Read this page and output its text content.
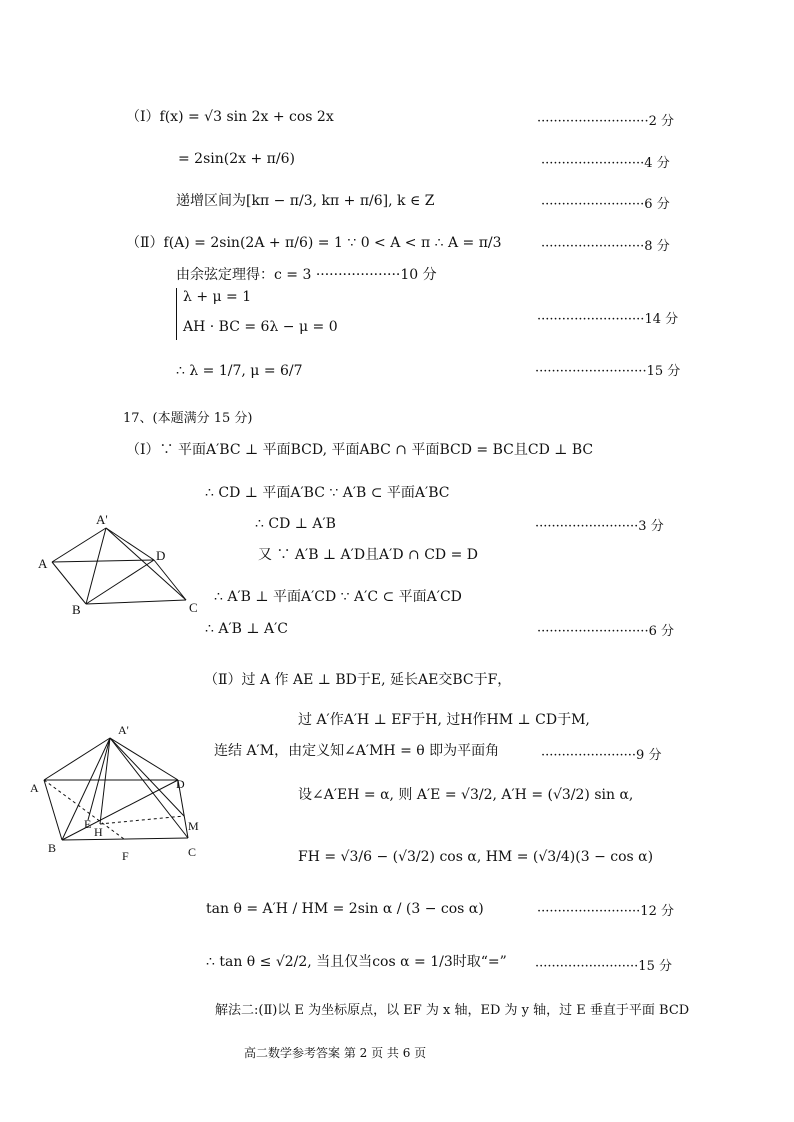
（Ⅰ）f(x) = √3 sin 2x + cos 2x	···························2 分
= 2sin(2x + π/6)	·························4 分
递增区间为[kπ − π/3, kπ + π/6], k ∈ Z	·························6 分
（Ⅱ）f(A) = 2sin(2A + π/6) = 1 ∵ 0 < A < π ∴ A = π/3	·························8 分
由余弦定理得：c = 3 ···················10 分
λ + μ = 1
AH · BC = 6λ − μ = 0	··························14 分
∴ λ = 1/7, μ = 6/7	···························15 分
17、(本题满分 15 分)
（Ⅰ）∵ 平面A′BC ⊥ 平面BCD, 平面ABC ∩ 平面BCD = BC且CD ⊥ BC
∴ CD ⊥ 平面A′BC ∵ A′B ⊂ 平面A′BC
∴ CD ⊥ A′B	·························3 分
又 ∵ A′B ⊥ A′D且A′D ∩ CD = D
∴ A′B ⊥ 平面A′CD ∵ A′C ⊂ 平面A′CD
∴ A′B ⊥ A′C	···························6 分
A'
A
D
B	C
（Ⅱ）过 A 作 AE ⊥ BD于E, 延长AE交BC于F，
过 A′作A′H ⊥ EF于H, 过H作HM ⊥ CD于M,
连结 A′M，由定义知∠A′MH = θ 即为平面角	·······················9 分
设∠A′EH = α, 则 A′E = √3/2, A′H = (√3/2) sin α,
FH = √3/6 − (√3/2) cos α, HM = (√3/4)(3 − cos α)
tan θ = A′H / HM = 2sin α / (3 − cos α)	·························12 分
∴ tan θ ≤ √2/2, 当且仅当cos α = 1/3时取“=” ·························15 分
解法二:(Ⅱ)以 E 为坐标原点，以 EF 为 x 轴，ED 为 y 轴，过 E 垂直于平面 BCD
A'
A	D
E
H	M
B
F	C
高二数学参考答案 第 2 页 共 6 页
